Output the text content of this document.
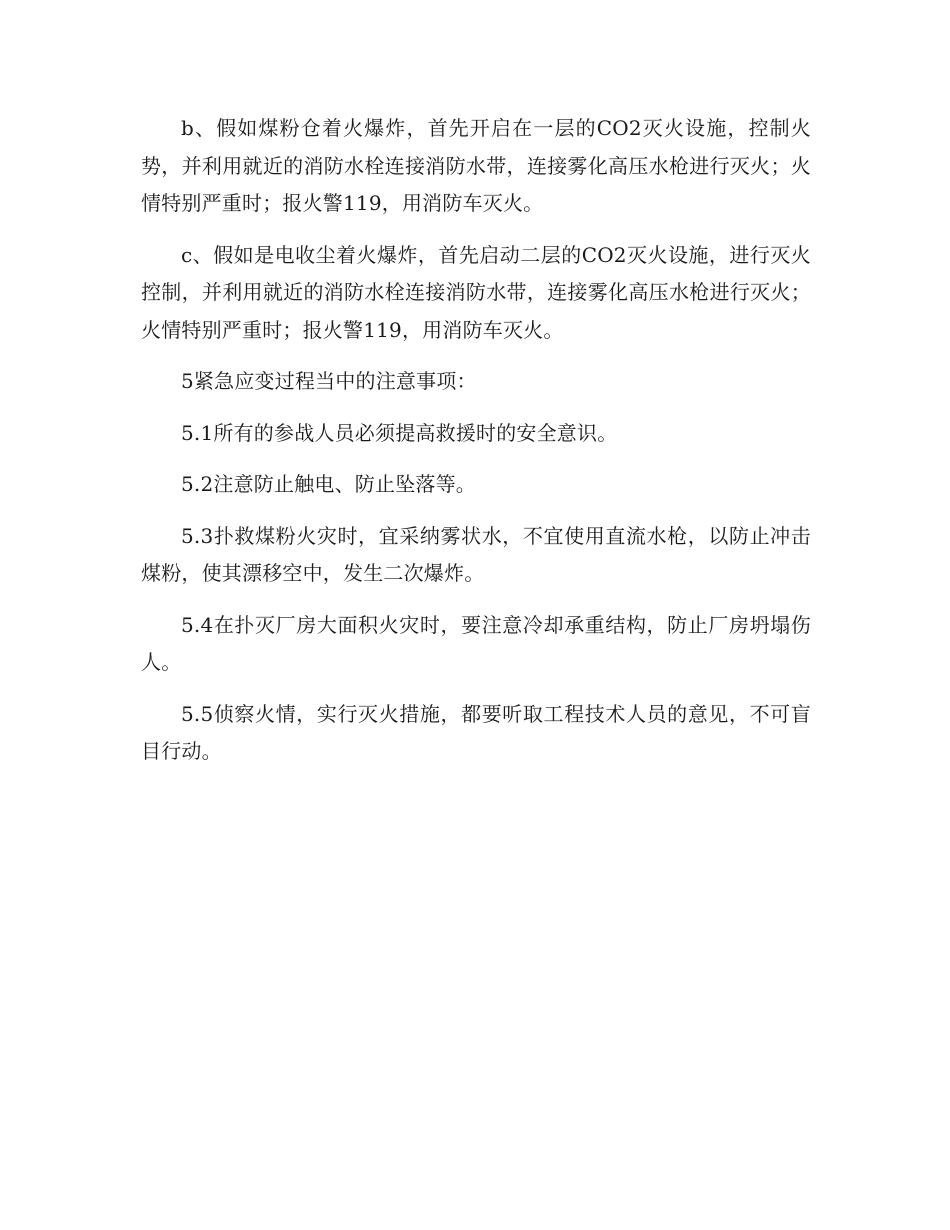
b、假如煤粉仓着火爆炸，首先开启在一层的CO2灭火设施，控制火势，并利用就近的消防水栓连接消防水带，连接雾化高压水枪进行灭火；火情特别严重时；报火警119，用消防车灭火。

c、假如是电收尘着火爆炸，首先启动二层的CO2灭火设施，进行灭火控制，并利用就近的消防水栓连接消防水带，连接雾化高压水枪进行灭火；火情特别严重时；报火警119，用消防车灭火。

5紧急应变过程当中的注意事项：

5.1所有的参战人员必须提高救援时的安全意识。

5.2注意防止触电、防止坠落等。

5.3扑救煤粉火灾时，宜采纳雾状水，不宜使用直流水枪，以防止冲击煤粉，使其漂移空中，发生二次爆炸。

5.4在扑灭厂房大面积火灾时，要注意冷却承重结构，防止厂房坍塌伤人。

5.5侦察火情，实行灭火措施，都要听取工程技术人员的意见，不可盲目行动。
